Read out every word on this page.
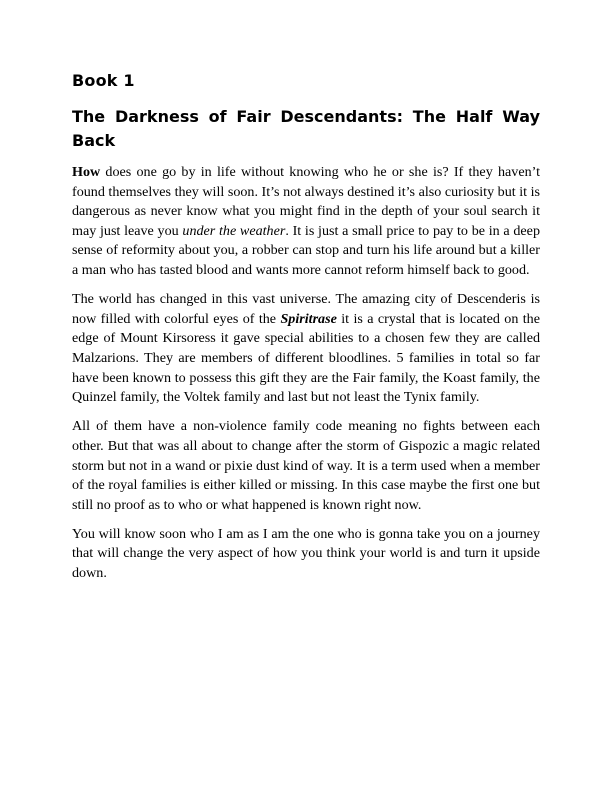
Book 1
The Darkness of Fair Descendants: The Half Way Back

How does one go by in life without knowing who he or she is? If they haven’t found themselves they will soon. It’s not always destined it’s also curiosity but it is dangerous as never know what you might find in the depth of your soul search it may just leave you under the weather. It is just a small price to pay to be in a deep sense of reformity about you, a robber can stop and turn his life around but a killer a man who has tasted blood and wants more cannot reform himself back to good.

The world has changed in this vast universe. The amazing city of Descenderis is now filled with colorful eyes of the Spiritrase it is a crystal that is located on the edge of Mount Kirsoress it gave special abilities to a chosen few they are called Malzarions. They are members of different bloodlines. 5 families in total so far have been known to possess this gift they are the Fair family, the Koast family, the Quinzel family, the Voltek family and last but not least the Tynix family.

All of them have a non-violence family code meaning no fights between each other. But that was all about to change after the storm of Gispozic a magic related storm but not in a wand or pixie dust kind of way. It is a term used when a member of the royal families is either killed or missing. In this case maybe the first one but still no proof as to who or what happened is known right now.

You will know soon who I am as I am the one who is gonna take you on a journey that will change the very aspect of how you think your world is and turn it upside down.
